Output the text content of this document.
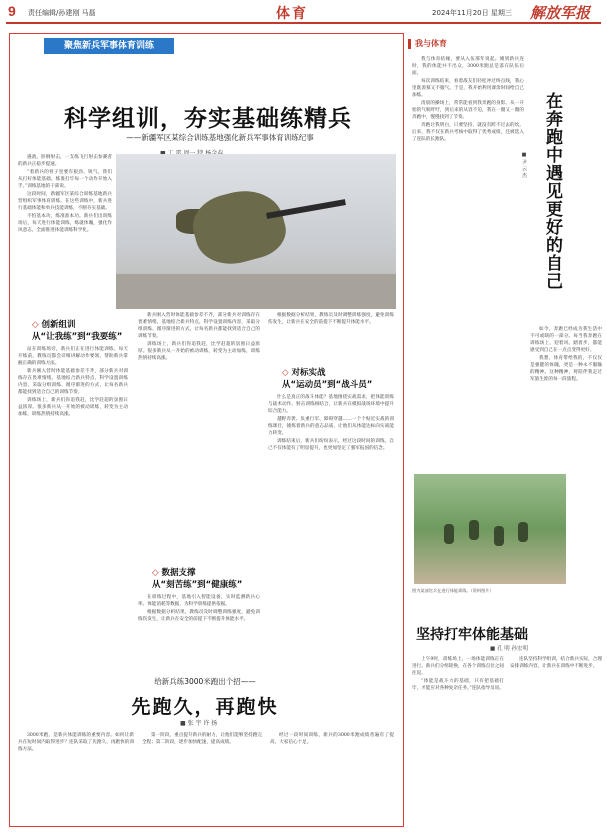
9 责任编辑/孙建刚 马磊	体育	2024年11月20日 星期三 解放军报
聚焦新兵军事体育训练
科学组训，夯实基础练精兵
——新疆军区某综合训练基地强化新兵军事体育训练纪事

遇敌，卧倒射击，一支练飞行射击参赛者的新兵正稳步提速。

“着新兵的骨子里要有狠劲、锐气，我们从打好体能基础、练准打牢每一个动作开始入手。”训练基地的干部说。

这段时间，新疆军区某综合训练基地新兵营组织军事体育训练。在这些训练中，新兵进行基础体能和单兵技能训练，不断夯实基础。

不怕基本功，练准准本功。新兵们出训练场后，每天进行体能训练，练就体魄，强化作风意志，全面推进体能训练科学化。

◇ 创新组训
从“让我练”到“我要练”

站在训练场旁，新兵们正在进行体能训练。每天开练前，教练员都会详细讲解动作要领，帮助新兵掌握正确的训练方法。

新兵刚入营时体能基础参差不齐，部分新兵对训练存在畏难情绪。基地结合新兵特点，科学设置训练内容，采取分组训练、循序渐进的方式，让每名新兵都能找到适合自己的训练节奏。

训练场上，新兵们你追我赶，比学赶超的氛围日益浓厚。很多新兵从一开始的被动训练，转变为主动加练，训练热情持续高涨。

新兵刚入营时体能基础参差不齐，部分新兵对训练存在畏难情绪。基地结合新兵特点，科学设置训练内容，采取分组训练、循序渐进的方式，让每名新兵都能找到适合自己的训练节奏。

训练场上，新兵们你追我赶，比学赶超的氛围日益浓厚。很多新兵从一开始的被动训练，转变为主动加练，训练热情持续高涨。

◇ 数据支撑
从“刻苦练”到“健康练”

在训练过程中，基地引入智能设备，实时监测新兵心率、体能消耗等数据，为科学训练提供依据。

根据数据分析结果，教练员及时调整训练强度，避免训练伤发生，让新兵在安全的前提下不断提升体能水平。

根据数据分析结果，教练员及时调整训练强度，避免训练伤发生，让新兵在安全的前提下不断提升体能水平。

◇ 对标实战
从“运动员”到“战斗员”

什么是真正的战斗体能？基地围绕实战需求，把体能训练与战术动作、射击训练相结合，让新兵在模拟战场环境中提升综合能力。

越野奔袭、负重行军、障碍穿越……一个个贴近实战的训练课目，锤炼着新兵的意志品质，让他们从体能达标向实战能力转变。

训练结束后，新兵们纷纷表示，经过这段时间的训练，自己不仅体能有了明显提升，也更加坚定了强军报国的信念。

给新兵练3000米跑出个招——
先跑久，再跑快
■ 张 宇 许 扬

3000米跑，是新兵体能训练的重要内容。如何让新兵在短时间内取得进步？连队采取了先跑久、再跑快的训练方法。

第一阶段，重点提升新兵的耐力，让他们能够坚持跑完全程；第二阶段，逐步加快配速，提高成绩。

经过一段时间训练，新兵的3000米跑成绩普遍有了提高，大家信心十足。

我与体育

我与体育结缘，要从入伍那年说起。刚到新兵连时，我的体能并不出众，3000米跑总是落在队伍后面。

每次训练结束，看着战友们轻松冲过终点线，我心里既羡慕又不服气。于是，我开始利用课余时间给自己加练。

清晨的操场上，常常能看到我奔跑的身影。从一开始的气喘吁吁，到后来的从容不迫，我在一圈又一圈的奔跑中，慢慢找到了节奏。

奔跑让我明白，只要坚持，就没有跨不过去的坎。后来，我不仅在新兵考核中取得了优秀成绩，还被选入了连队的长跑队。	在奔跑中遇见更好的自己
■ 尹 云 杰

如今，奔跑已经成为我生活中不可或缺的一部分。每当我奔跑在训练场上，迎着风、踏着步，都能感受到自己在一点点变得更好。

我想，体育带给我的，不仅仅是强健的体魄，更是一种永不服输的精神。这种精神，将陪伴我走过军旅生涯的每一段旅程。

图为某部官兵在进行体能训练。（资料图片）
坚持打牢体能基础
■ 孔 明 孙宏明

上午9时，训练场上，一场体能训练正在进行。新兵们分组轮换，在各个训练点位之间往返。

“体能是战斗力的基础，只有把基础打牢，才能应对各种复杂任务。”连队指导员说。

连队坚持科学组训，结合新兵实际，合理安排训练内容，让新兵在训练中不断进步。
